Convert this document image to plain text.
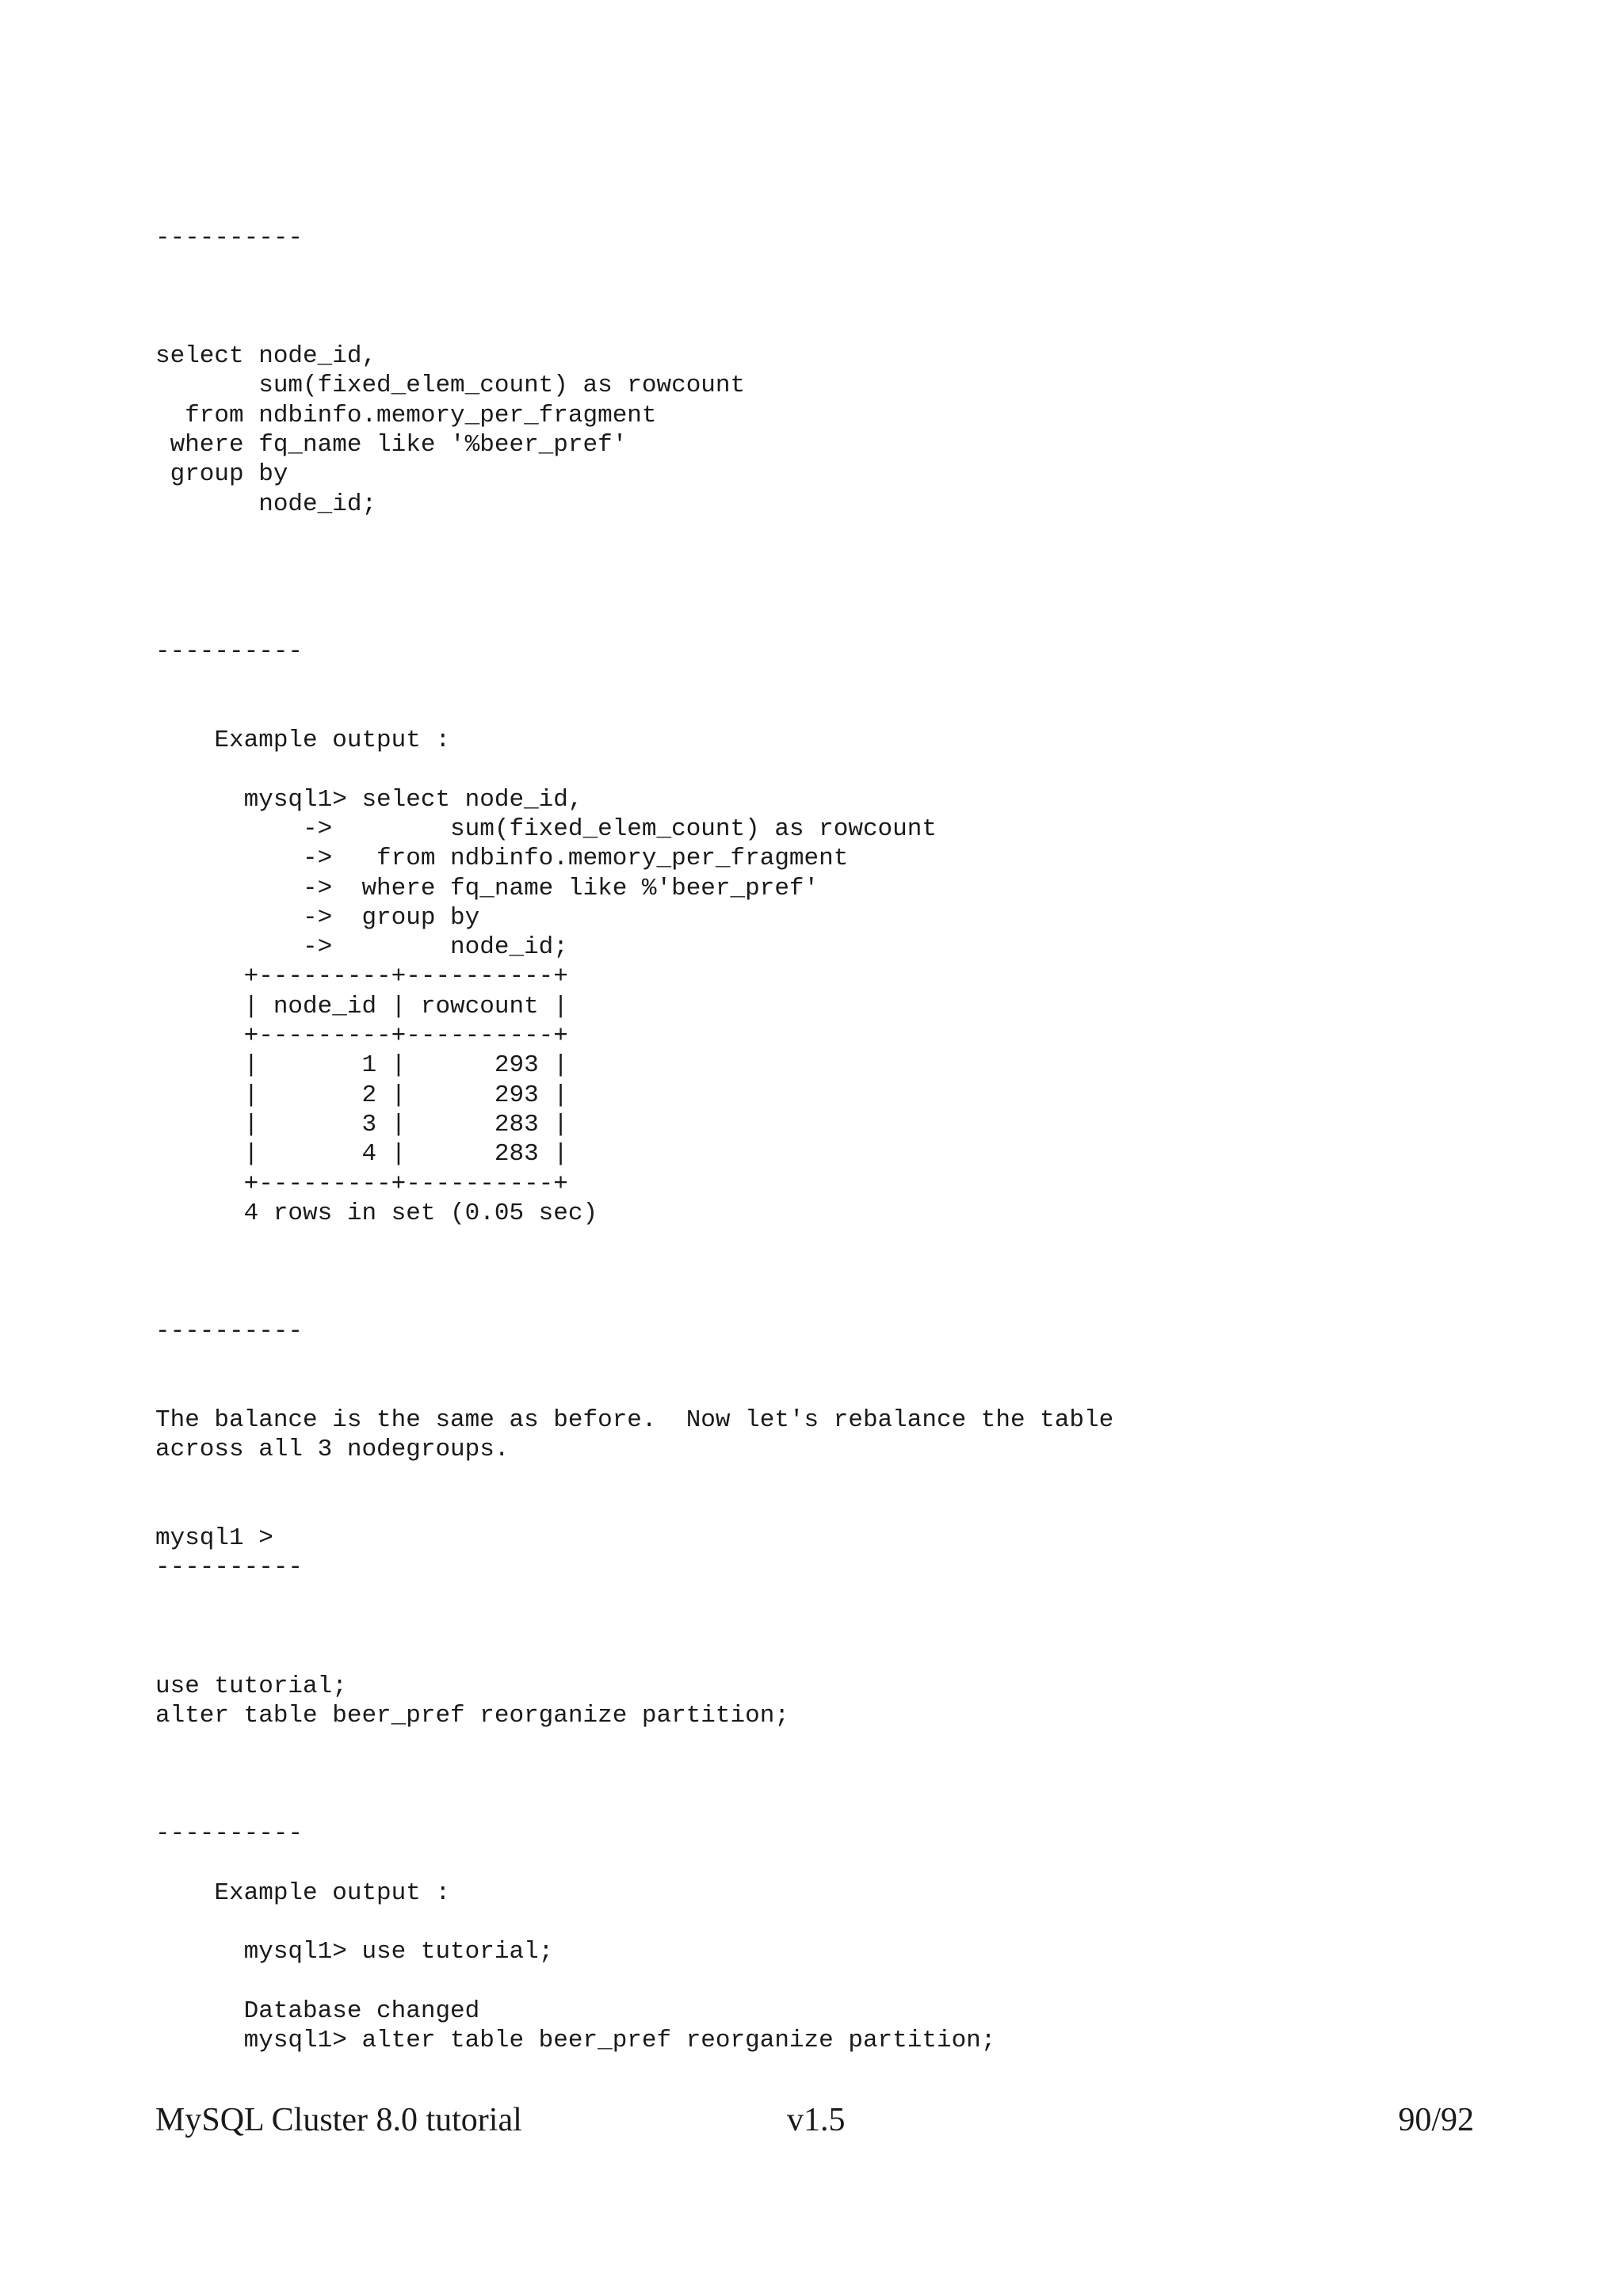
----------
select node_id,
sum(fixed_elem_count) as rowcount
from ndbinfo.memory_per_fragment
where fq_name like '%beer_pref'
group by
node_id;
----------
Example output :
mysql1> select node_id,
->        sum(fixed_elem_count) as rowcount
->   from ndbinfo.memory_per_fragment
->  where fq_name like %'beer_pref'
->  group by
->        node_id;
+---------+----------+
| node_id | rowcount |
+---------+----------+
|       1 |      293 |
|       2 |      293 |
|       3 |      283 |
|       4 |      283 |
+---------+----------+
4 rows in set (0.05 sec)
----------
The balance is the same as before.  Now let's rebalance the table
across all 3 nodegroups.
mysql1 >
----------
use tutorial;
alter table beer_pref reorganize partition;
----------
Example output :
mysql1> use tutorial;
Database changed
mysql1> alter table beer_pref reorganize partition;
MySQL Cluster 8.0 tutorial	v1.5	90/92
